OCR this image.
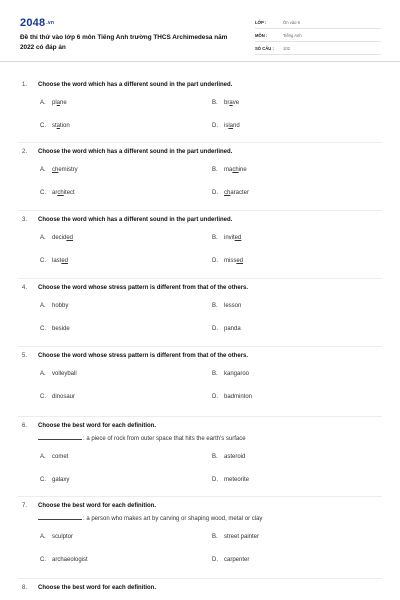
2048.vn
Đề thi thử vào lớp 6 môn Tiếng Anh trường THCS Archimedesa năm 2022 có đáp án
LỚP :	Ôn vào 6
MÔN :	Tiếng Anh
SỐ CÂU :	102
1. Choose the word which has a different sound in the part underlined.
A. plane	B. brave
C. station	D. island
2. Choose the word which has a different sound in the part underlined.
A. chemistry	B. machine
C. architect	D. character
3. Choose the word which has a different sound in the part underlined.
A. decided	B. invited
C. lasted	D. missed
4. Choose the word whose stress pattern is different from that of the others.
A. hobby	B. lesson
C. beside	D. panda
5. Choose the word whose stress pattern is different from that of the others.
A. volleyball	B. kangaroo
C. dinosaur	D. badminton
6. Choose the best word for each definition.
: a piece of rock from outer space that hits the earth's surface
A. comet	B. asteroid
C. galaxy	D. meteorite
7. Choose the best word for each definition.
: a person who makes art by carving or shaping wood, metal or clay
A. sculptor	B. street painter
C. archaeologist	D. carpenter
8. Choose the best word for each definition.
